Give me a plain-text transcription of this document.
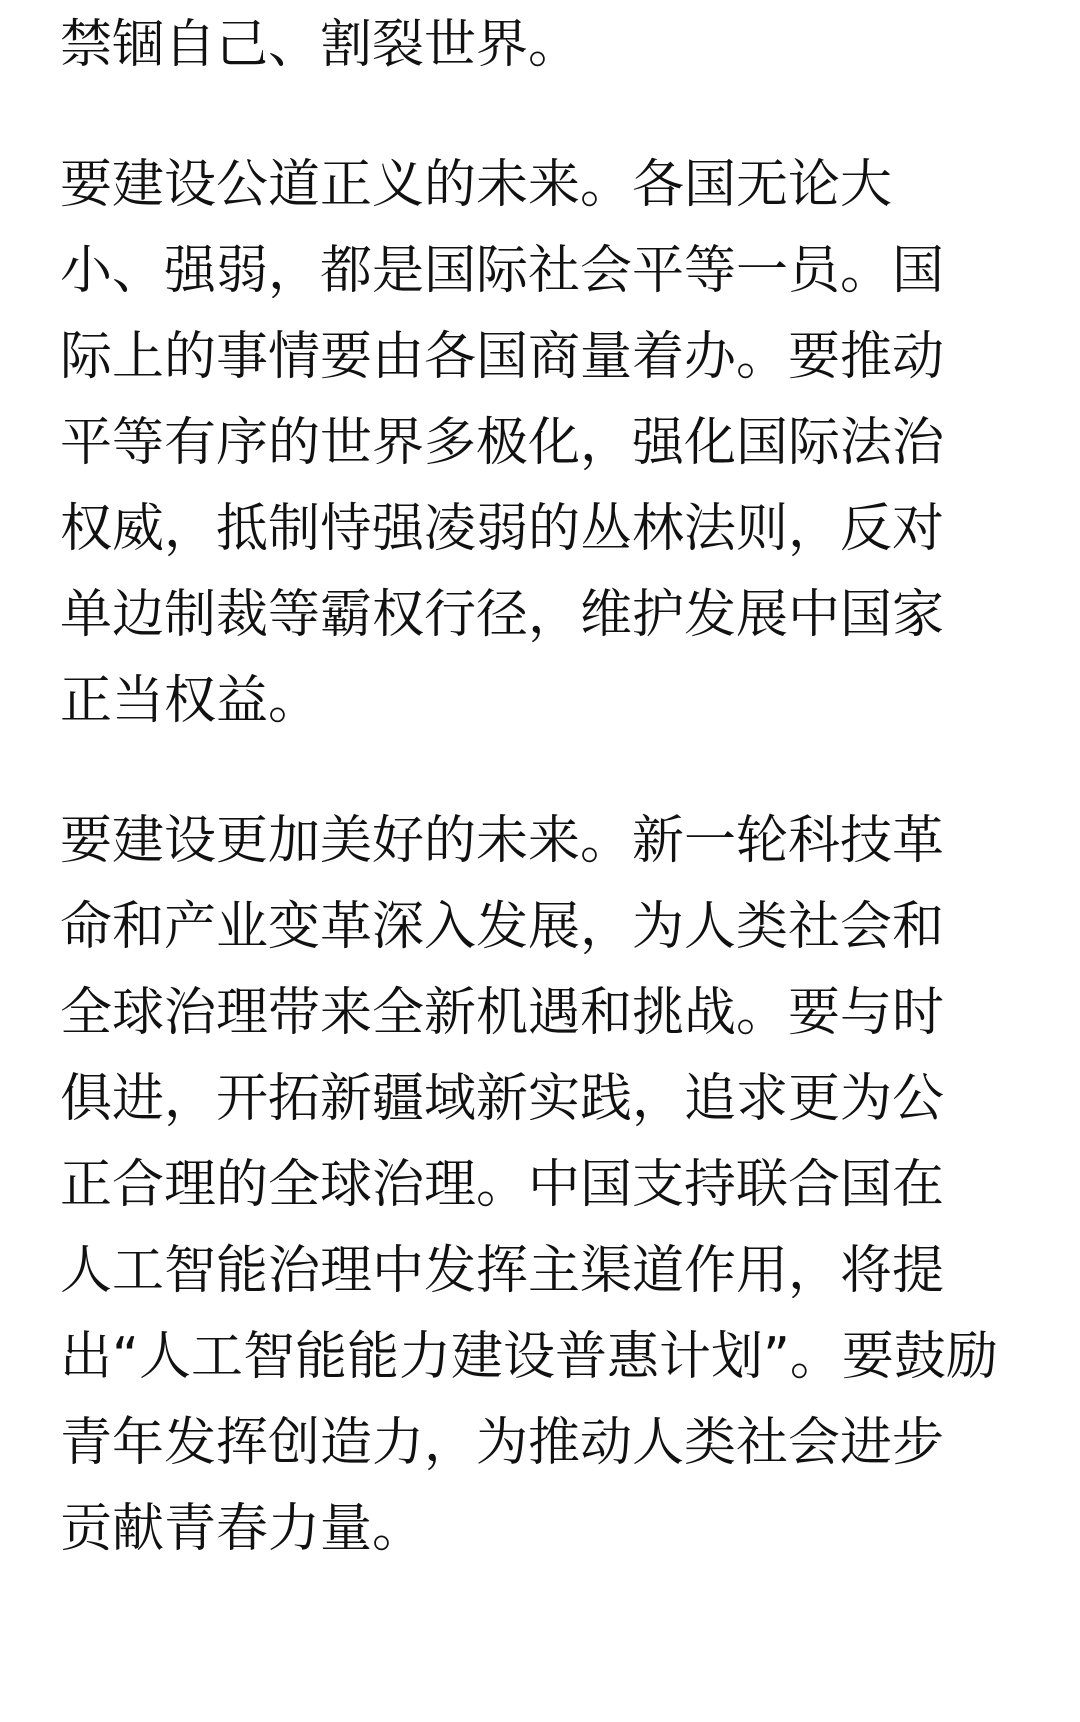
禁锢自己、割裂世界。
要建设公道正义的未来。各国无论大
小、强弱，都是国际社会平等一员。国
际上的事情要由各国商量着办。要推动
平等有序的世界多极化，强化国际法治
权威，抵制恃强凌弱的丛林法则，反对
单边制裁等霸权行径，维护发展中国家
正当权益。
要建设更加美好的未来。新一轮科技革
命和产业变革深入发展，为人类社会和
全球治理带来全新机遇和挑战。要与时
俱进，开拓新疆域新实践，追求更为公
正合理的全球治理。中国支持联合国在
人工智能治理中发挥主渠道作用，将提
出“人工智能能力建设普惠计划”。要鼓励
青年发挥创造力，为推动人类社会进步
贡献青春力量。
